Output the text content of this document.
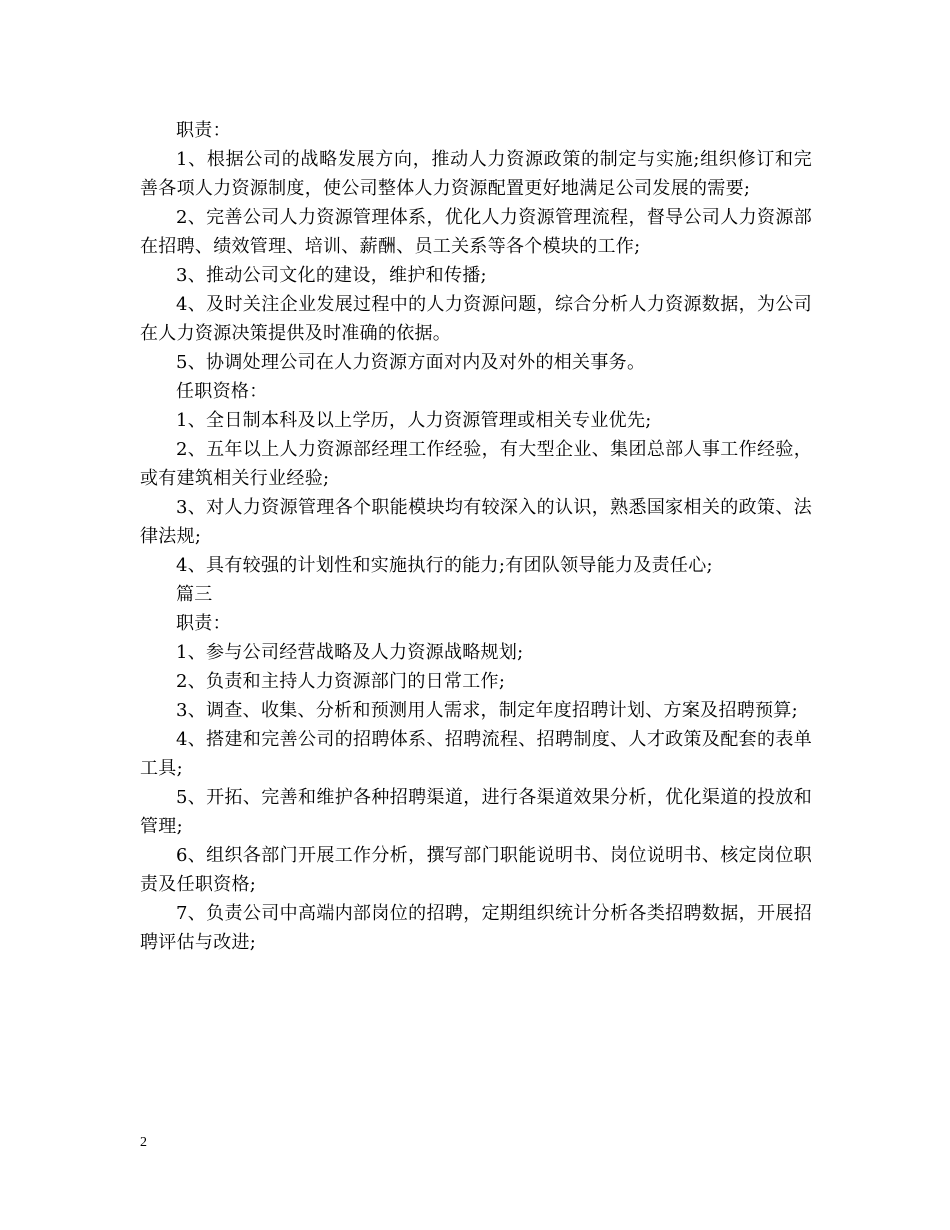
职责：

1、根据公司的战略发展方向，推动人力资源政策的制定与实施;组织修订和完善各项人力资源制度，使公司整体人力资源配置更好地满足公司发展的需要;

2、完善公司人力资源管理体系，优化人力资源管理流程，督导公司人力资源部在招聘、绩效管理、培训、薪酬、员工关系等各个模块的工作;

3、推动公司文化的建设，维护和传播;

4、及时关注企业发展过程中的人力资源问题，综合分析人力资源数据，为公司在人力资源决策提供及时准确的依据。

5、协调处理公司在人力资源方面对内及对外的相关事务。

任职资格：

1、全日制本科及以上学历，人力资源管理或相关专业优先;

2、五年以上人力资源部经理工作经验，有大型企业、集团总部人事工作经验，或有建筑相关行业经验;

3、对人力资源管理各个职能模块均有较深入的认识，熟悉国家相关的政策、法律法规;

4、具有较强的计划性和实施执行的能力;有团队领导能力及责任心;

篇三

职责：

1、参与公司经营战略及人力资源战略规划;

2、负责和主持人力资源部门的日常工作;

3、调查、收集、分析和预测用人需求，制定年度招聘计划、方案及招聘预算;

4、搭建和完善公司的招聘体系、招聘流程、招聘制度、人才政策及配套的表单工具;

5、开拓、完善和维护各种招聘渠道，进行各渠道效果分析，优化渠道的投放和管理;

6、组织各部门开展工作分析，撰写部门职能说明书、岗位说明书、核定岗位职责及任职资格;

7、负责公司中高端内部岗位的招聘，定期组织统计分析各类招聘数据，开展招聘评估与改进;

2
